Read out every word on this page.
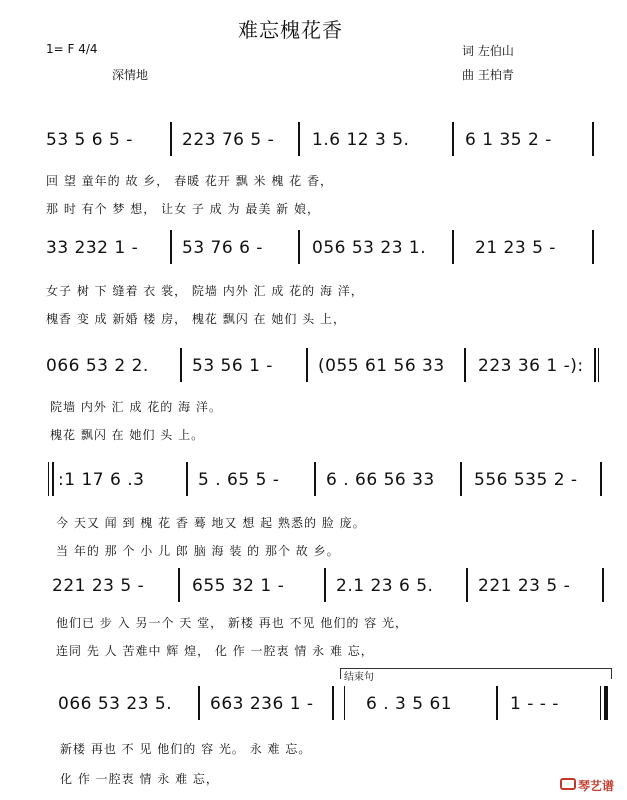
难忘槐花香
1= F 4/4
深情地
词 左伯山
曲 王柏青
53 5 6 5 -	223 76 5 - 1.6 12 3 5.	6 1 35 2 -
回 望 童年的 故 乡， 春暖 花开 飘 米 槐 花 香，
那 时 有个 梦 想， 让女 子 成 为 最美 新 娘，
33 232 1 -	53 76 6 -	056 53 23 1.	21 23 5 -
女子 树 下 缝着 衣 裳， 院墙 内外 汇 成 花的 海 洋，
槐香 变 成 新婚 楼 房， 槐花 飘闪 在 她们 头 上，
066 53 2 2.	53 56 1 -	(055 61 56 33 223 36 1 -):
院墙 内外 汇 成 花的 海 洋。
槐花 飘闪 在 她们 头 上。
:1 17 6 .3	5 . 65 5 -	6 . 66 56 33 556 535 2 -
今 天又 闻 到 槐 花 香 蓦 地又 想 起 熟悉的 脸 庞。
当 年的 那 个 小 儿 郎 脑 海 装 的 那个 故 乡。
221 23 5 -	655 32 1 -	2.1 23 6 5.	221 23 5 -
他们已 步 入 另一个 天 堂， 新楼 再也 不见 他们的 容 光，
连同 先 人 苦难中 辉 煌， 化 作 一腔衷 情 永 难 忘，
结束句
066 53 23 5. 663 236 1 -	6 . 3 5 61	1 - - -
新楼 再也 不 见 他们的 容 光。 永 难 忘。
化 作 一腔衷 情 永 难 忘，	琴艺谱
